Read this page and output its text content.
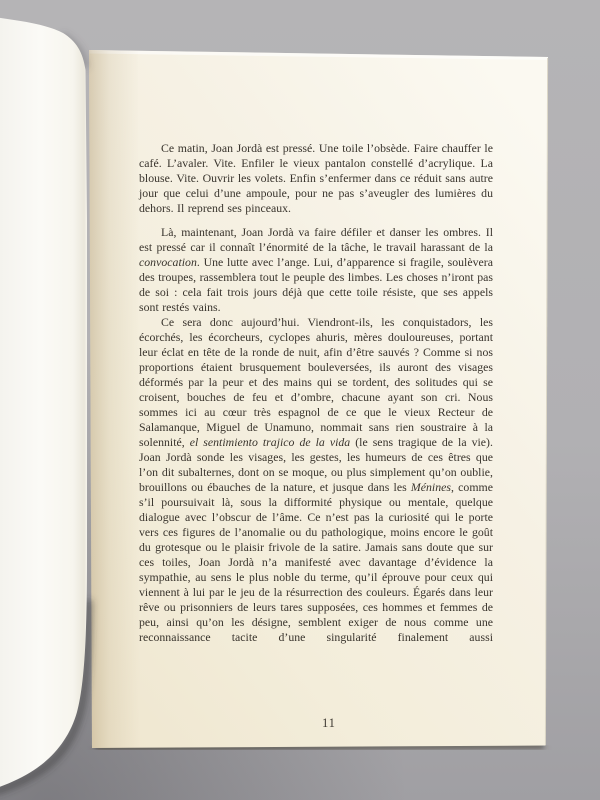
Ce matin, Joan Jordà est pressé. Une toile l’obsède. Faire chauffer le café. L’avaler. Vite. Enfiler le vieux pantalon constellé d’acrylique. La blouse. Vite. Ouvrir les volets. Enfin s’enfermer dans ce réduit sans autre jour que celui d’une ampoule, pour ne pas s’aveugler des lumières du dehors. Il reprend ses pinceaux.

Là, maintenant, Joan Jordà va faire défiler et danser les ombres. Il est pressé car il connaît l’énormité de la tâche, le travail harassant de la convocation. Une lutte avec l’ange. Lui, d’apparence si fragile, soulèvera des troupes, rassemblera tout le peuple des limbes. Les choses n’iront pas de soi : cela fait trois jours déjà que cette toile résiste, que ses appels sont restés vains.

Ce sera donc aujourd’hui. Viendront-ils, les conquistadors, les écorchés, les écorcheurs, cyclopes ahuris, mères douloureuses, portant leur éclat en tête de la ronde de nuit, afin d’être sauvés ? Comme si nos proportions étaient brusquement bouleversées, ils auront des visages déformés par la peur et des mains qui se tordent, des solitudes qui se croisent, bouches de feu et d’ombre, chacune ayant son cri. Nous sommes ici au cœur très espagnol de ce que le vieux Recteur de Salamanque, Miguel de Unamuno, nommait sans rien soustraire à la solennité, el sentimiento trajico de la vida (le sens tragique de la vie). Joan Jordà sonde les visages, les gestes, les humeurs de ces êtres que l’on dit subalternes, dont on se moque, ou plus simplement qu’on oublie, brouillons ou ébauches de la nature, et jusque dans les Ménines, comme s’il poursuivait là, sous la difformité physique ou mentale, quelque dialogue avec l’obscur de l’âme. Ce n’est pas la curiosité qui le porte vers ces figures de l’anomalie ou du pathologique, moins encore le goût du grotesque ou le plaisir frivole de la satire. Jamais sans doute que sur ces toiles, Joan Jordà n’a manifesté avec davantage d’évidence la sympathie, au sens le plus noble du terme, qu’il éprouve pour ceux qui viennent à lui par le jeu de la résurrection des couleurs. Égarés dans leur rêve ou prisonniers de leurs tares supposées, ces hommes et femmes de peu, ainsi qu’on les désigne, semblent exiger de nous comme une reconnaissance tacite d’une singularité finalement aussi

11
